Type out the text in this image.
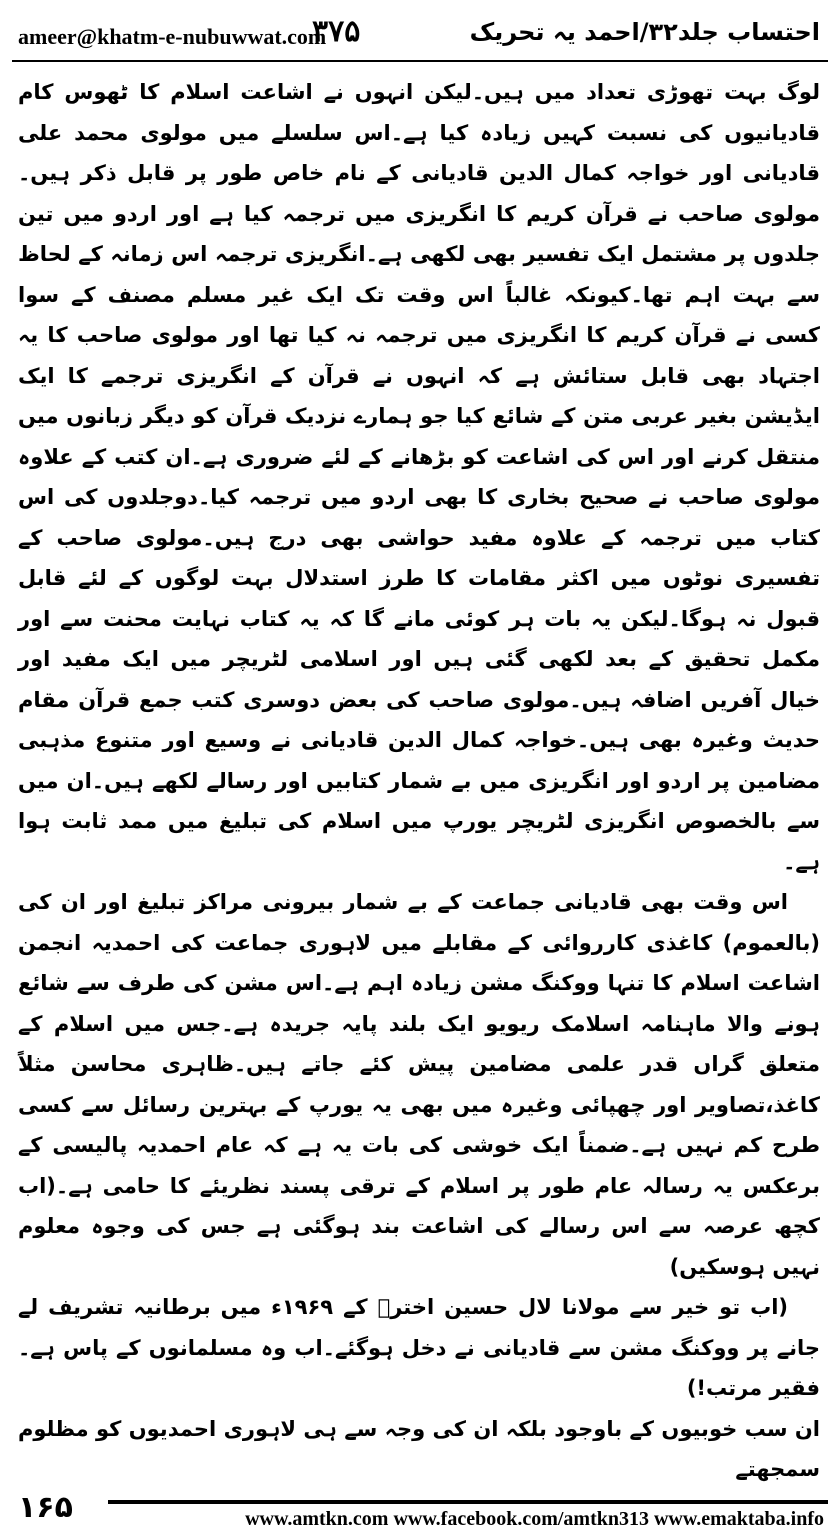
ameer@khatm-e-nubuwwat.com
۳۷۵	احتساب جلد۳۲/احمد یہ تحریک

لوگ بہت تھوڑی تعداد میں ہیں۔لیکن انہوں نے اشاعت اسلام کا ٹھوس کام قادیانیوں کی نسبت کہیں زیادہ کیا ہے۔اس سلسلے میں مولوی محمد علی قادیانی اور خواجہ کمال الدین قادیانی کے نام خاص طور پر قابل ذکر ہیں۔مولوی صاحب نے قرآن کریم کا انگریزی میں ترجمہ کیا ہے اور اردو میں تین جلدوں پر مشتمل ایک تفسیر بھی لکھی ہے۔انگریزی ترجمہ اس زمانہ کے لحاظ سے بہت اہم تھا۔کیونکہ غالباً اس وقت تک ایک غیر مسلم مصنف کے سوا کسی نے قرآن کریم کا انگریزی میں ترجمہ نہ کیا تھا اور مولوی صاحب کا یہ اجتہاد بھی قابل ستائش ہے کہ انہوں نے قرآن کے انگریزی ترجمے کا ایک ایڈیشن بغیر عربی متن کے شائع کیا جو ہمارے نزدیک قرآن کو دیگر زبانوں میں منتقل کرنے اور اس کی اشاعت کو بڑھانے کے لئے ضروری ہے۔ان کتب کے علاوہ مولوی صاحب نے صحیح بخاری کا بھی اردو میں ترجمہ کیا۔دوجلدوں کی اس کتاب میں ترجمہ کے علاوہ مفید حواشی بھی درج ہیں۔مولوی صاحب کے تفسیری نوٹوں میں اکثر مقامات کا طرز استدلال بہت لوگوں کے لئے قابل قبول نہ ہوگا۔لیکن یہ بات ہر کوئی مانے گا کہ یہ کتاب نہایت محنت سے اور مکمل تحقیق کے بعد لکھی گئی ہیں اور اسلامی لٹریچر میں ایک مفید اور خیال آفریں اضافہ ہیں۔مولوی صاحب کی بعض دوسری کتب جمع قرآن مقام حدیث وغیرہ بھی ہیں۔خواجہ کمال الدین قادیانی نے وسیع اور متنوع مذہبی مضامین پر اردو اور انگریزی میں بے شمار کتابیں اور رسالے لکھے ہیں۔ان میں سے بالخصوص انگریزی لٹریچر یورپ میں اسلام کی تبلیغ میں ممد ثابت ہوا ہے۔

اس وقت بھی قادیانی جماعت کے بے شمار بیرونی مراکز تبلیغ اور ان کی (بالعموم) کاغذی کارروائی کے مقابلے میں لاہوری جماعت کی احمدیہ انجمن اشاعت اسلام کا تنہا ووکنگ مشن زیادہ اہم ہے۔اس مشن کی طرف سے شائع ہونے والا ماہنامہ اسلامک ریویو ایک بلند پایہ جریدہ ہے۔جس میں اسلام کے متعلق گراں قدر علمی مضامین پیش کئے جاتے ہیں۔ظاہری محاسن مثلاً کاغذ،تصاویر اور چھپائی وغیرہ میں بھی یہ یورپ کے بہترین رسائل سے کسی طرح کم نہیں ہے۔ضمناً ایک خوشی کی بات یہ ہے کہ عام احمدیہ پالیسی کے برعکس یہ رسالہ عام طور پر اسلام کے ترقی پسند نظریئے کا حامی ہے۔(اب کچھ عرصہ سے اس رسالے کی اشاعت بند ہوگئی ہے جس کی وجوہ معلوم نہیں ہوسکیں)

(اب تو خیر سے مولانا لال حسین اخترؒ کے ۱۹۶۹ء میں برطانیہ تشریف لے جانے پر ووکنگ مشن سے قادیانی نے دخل ہوگئے۔اب وہ مسلمانوں کے پاس ہے۔فقیر مرتب!)

ان سب خوبیوں کے باوجود بلکہ ان کی وجہ سے ہی لاہوری احمدیوں کو مظلوم سمجھتے

۱۶۵	www.amtkn.com www.facebook.com/amtkn313 www.emaktaba.info
